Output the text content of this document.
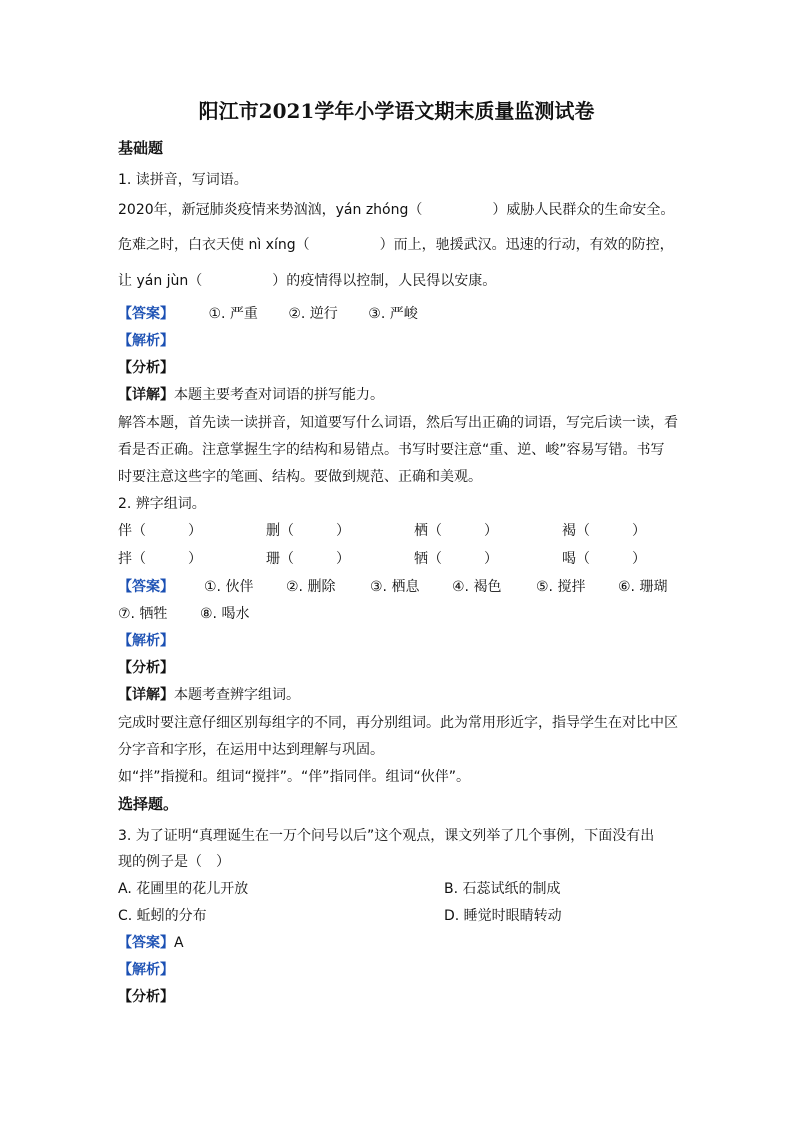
阳江市2021学年小学语文期末质量监测试卷
基础题
1. 读拼音，写词语。
2020年，新冠肺炎疫情来势汹汹，yán zhóng（　　　　　）威胁人民群众的生命安全。
危难之时，白衣天使 nì xíng（　　　　　）而上，驰援武汉。迅速的行动，有效的防控，
让 yán jùn（　　　　　）的疫情得以控制，人民得以安康。
【答案】 ①. 严重 ②. 逆行 ③. 严峻
【解析】
【分析】
【详解】本题主要考查对词语的拼写能力。
解答本题，首先读一读拼音，知道要写什么词语，然后写出正确的词语，写完后读一读，看
看是否正确。注意掌握生字的结构和易错点。书写时要注意“重、逆、峻”容易写错。书写
时要注意这些字的笔画、结构。要做到规范、正确和美观。
2. 辨字组词。
伴（　　　）	删（　　　）	栖（　　　）	褐（　　　）
拌（　　　）	珊（　　　）	牺（　　　）	喝（　　　）
【答案】 ①. 伙伴 ②. 删除 ③. 栖息 ④. 褐色 ⑤. 搅拌 ⑥. 珊瑚
⑦. 牺牲 ⑧. 喝水
【解析】
【分析】
【详解】本题考查辨字组词。
完成时要注意仔细区别每组字的不同，再分别组词。此为常用形近字，指导学生在对比中区
分字音和字形，在运用中达到理解与巩固。
如“拌”指搅和。组词“搅拌”。“伴”指同伴。组词“伙伴”。
选择题。
3. 为了证明“真理诞生在一万个问号以后”这个观点，课文列举了几个事例，下面没有出
现的例子是（　）
A. 花圃里的花儿开放	B. 石蕊试纸的制成
C. 蚯蚓的分布	D. 睡觉时眼睛转动
【答案】A
【解析】
【分析】
